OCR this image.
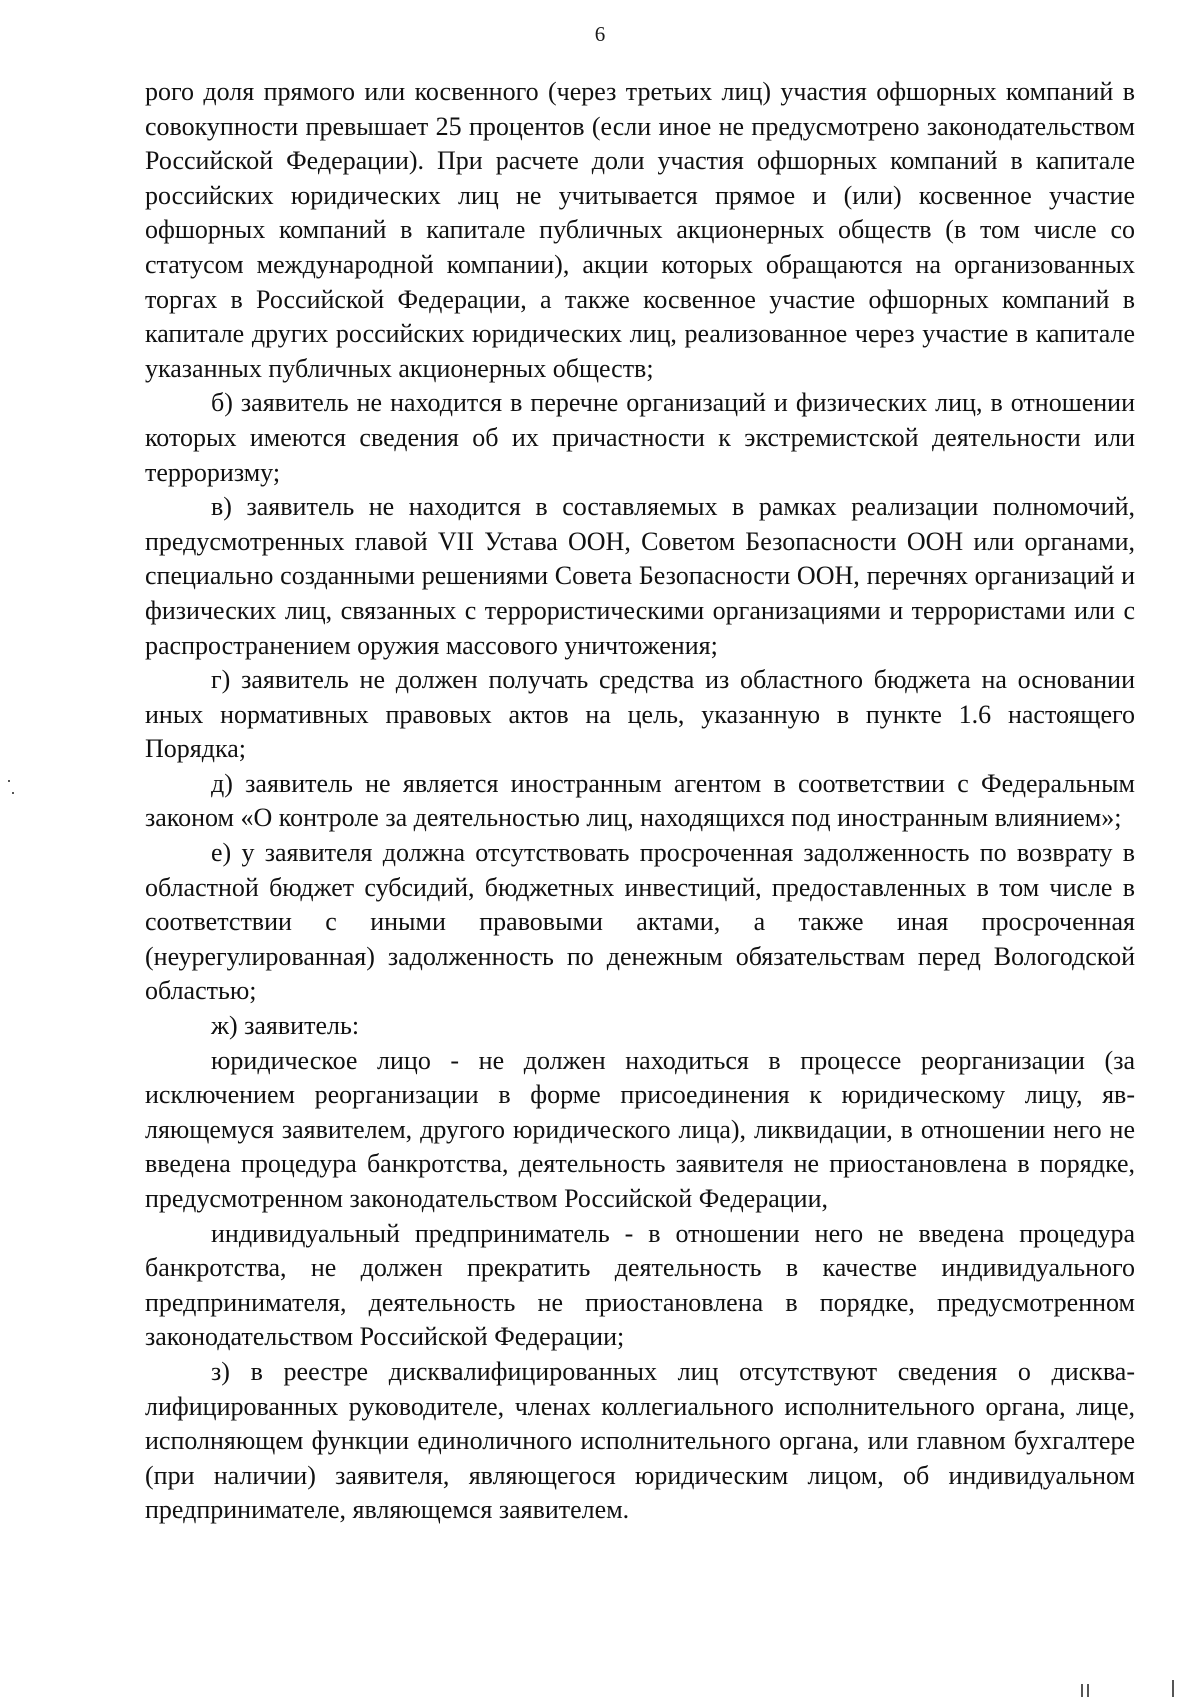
6

рого доля прямого или косвенного (через третьих лиц) участия офшорных компаний в совокупности превышает 25 процентов (если иное не предусмотрено законодательством Российской Федерации). При расчете доли участия офшорных компаний в капитале российских юридических лиц не учитывается прямое и (или) косвенное участие офшорных компаний в капитале публичных акционерных обществ (в том числе со статусом международной компании), акции которых обращаются на организованных торгах в Российской Федерации, а также косвенное участие офшорных компаний в капитале других российских юридических лиц, реализованное через участие в капитале указанных публичных акционерных обществ;

б) заявитель не находится в перечне организаций и физических лиц, в отношении которых имеются сведения об их причастности к экстремистской деятельности или терроризму;

в) заявитель не находится в составляемых в рамках реализации полномочий, предусмотренных главой VII Устава ООН, Советом Безопасности ООН или органами, специально созданными решениями Совета Безопасности ООН, перечнях организаций и физических лиц, связанных с террористическими организациями и террористами или с распространением оружия массового уничтожения;

г) заявитель не должен получать средства из областного бюджета на основании иных нормативных правовых актов на цель, указанную в пункте 1.6 настоящего Порядка;

д) заявитель не является иностранным агентом в соответствии с Федеральным законом «О контроле за деятельностью лиц, находящихся под иностранным влиянием»;

е) у заявителя должна отсутствовать просроченная задолженность по возврату в областной бюджет субсидий, бюджетных инвестиций, предоставленных в том числе в соответствии с иными правовыми актами, а также иная просроченная (неурегулированная) задолженность по денежным обязательствам перед Вологодской областью;

ж) заявитель:

юридическое лицо - не должен находиться в процессе реорганизации (за исключением реорганизации в форме присоединения к юридическому лицу, являющемуся заявителем, другого юридического лица), ликвидации, в отношении него не введена процедура банкротства, деятельность заявителя не приостановлена в порядке, предусмотренном законодательством Российской Федерации,

индивидуальный предприниматель - в отношении него не введена процедура банкротства, не должен прекратить деятельность в качестве индивидуального предпринимателя, деятельность не приостановлена в порядке, предусмотренном законодательством Российской Федерации;

з) в реестре дисквалифицированных лиц отсутствуют сведения о дисквалифицированных руководителе, членах коллегиального исполнительного органа, лице, исполняющем функции единоличного исполнительного органа, или главном бухгалтере (при наличии) заявителя, являющегося юридическим лицом, об индивидуальном предпринимателе, являющемся заявителем.
